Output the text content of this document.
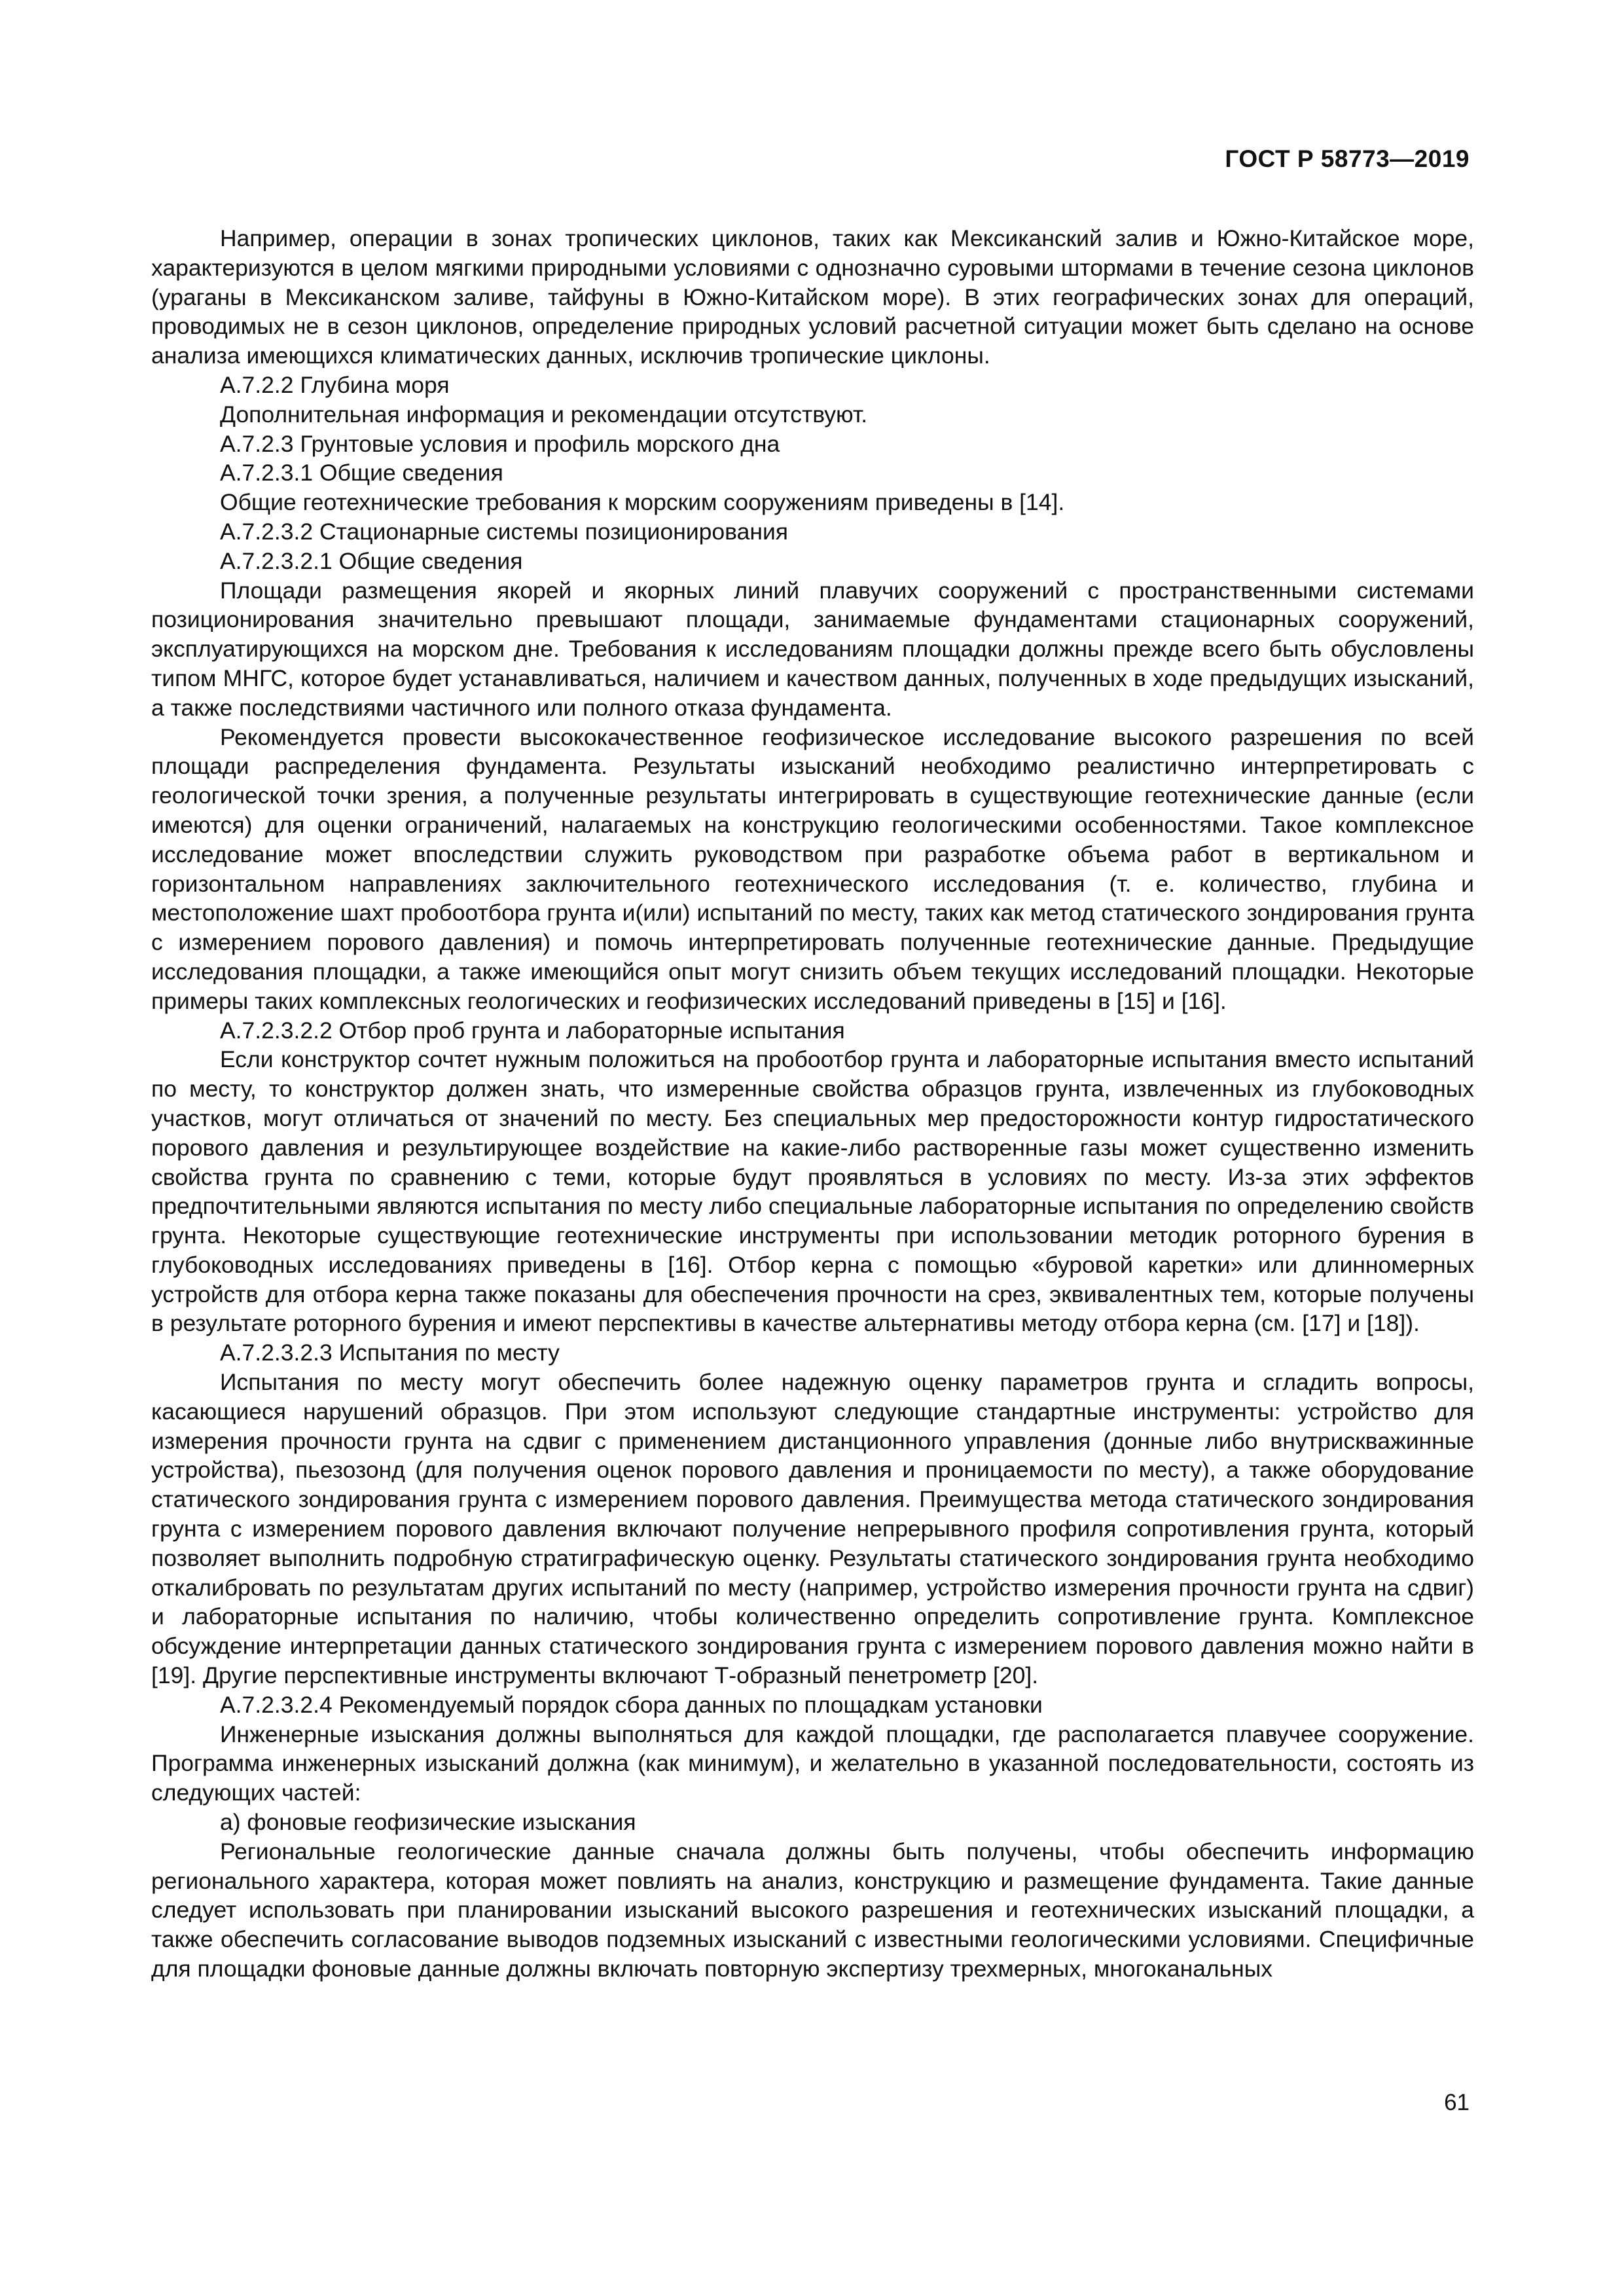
ГОСТ Р 58773—2019

Например, операции в зонах тропических циклонов, таких как Мексиканский залив и Южно-Китайское море, характеризуются в целом мягкими природными условиями с однозначно суровыми штормами в течение сезона циклонов (ураганы в Мексиканском заливе, тайфуны в Южно-Китайском море). В этих географических зонах для операций, проводимых не в сезон циклонов, определение природных условий расчетной ситуации может быть сделано на основе анализа имеющихся климатических данных, исключив тропические циклоны.

А.7.2.2 Глубина моря

Дополнительная информация и рекомендации отсутствуют.

А.7.2.3 Грунтовые условия и профиль морского дна

А.7.2.3.1 Общие сведения

Общие геотехнические требования к морским сооружениям приведены в [14].

А.7.2.3.2 Стационарные системы позиционирования

А.7.2.3.2.1 Общие сведения

Площади размещения якорей и якорных линий плавучих сооружений с пространственными системами позиционирования значительно превышают площади, занимаемые фундаментами стационарных сооружений, эксплуатирующихся на морском дне. Требования к исследованиям площадки должны прежде всего быть обусловлены типом МНГС, которое будет устанавливаться, наличием и качеством данных, полученных в ходе предыдущих изысканий, а также последствиями частичного или полного отказа фундамента.

Рекомендуется провести высококачественное геофизическое исследование высокого разрешения по всей площади распределения фундамента. Результаты изысканий необходимо реалистично интерпретировать с геологической точки зрения, а полученные результаты интегрировать в существующие геотехнические данные (если имеются) для оценки ограничений, налагаемых на конструкцию геологическими особенностями. Такое комплексное исследование может впоследствии служить руководством при разработке объема работ в вертикальном и горизонтальном направлениях заключительного геотехнического исследования (т. е. количество, глубина и местоположение шахт пробоотбора грунта и(или) испытаний по месту, таких как метод статического зондирования грунта с измерением порового давления) и помочь интерпретировать полученные геотехнические данные. Предыдущие исследования площадки, а также имеющийся опыт могут снизить объем текущих исследований площадки. Некоторые примеры таких комплексных геологических и геофизических исследований приведены в [15] и [16].

А.7.2.3.2.2 Отбор проб грунта и лабораторные испытания

Если конструктор сочтет нужным положиться на пробоотбор грунта и лабораторные испытания вместо испытаний по месту, то конструктор должен знать, что измеренные свойства образцов грунта, извлеченных из глубоководных участков, могут отличаться от значений по месту. Без специальных мер предосторожности контур гидростатического порового давления и результирующее воздействие на какие-либо растворенные газы может существенно изменить свойства грунта по сравнению с теми, которые будут проявляться в условиях по месту. Из-за этих эффектов предпочтительными являются испытания по месту либо специальные лабораторные испытания по определению свойств грунта. Некоторые существующие геотехнические инструменты при использовании методик роторного бурения в глубоководных исследованиях приведены в [16]. Отбор керна с помощью «буровой каретки» или длинномерных устройств для отбора керна также показаны для обеспечения прочности на срез, эквивалентных тем, которые получены в результате роторного бурения и имеют перспективы в качестве альтернативы методу отбора керна (см. [17] и [18]).

А.7.2.3.2.3 Испытания по месту

Испытания по месту могут обеспечить более надежную оценку параметров грунта и сгладить вопросы, касающиеся нарушений образцов. При этом используют следующие стандартные инструменты: устройство для измерения прочности грунта на сдвиг с применением дистанционного управления (донные либо внутрискважинные устройства), пьезозонд (для получения оценок порового давления и проницаемости по месту), а также оборудование статического зондирования грунта с измерением порового давления. Преимущества метода статического зондирования грунта с измерением порового давления включают получение непрерывного профиля сопротивления грунта, который позволяет выполнить подробную стратиграфическую оценку. Результаты статического зондирования грунта необходимо откалибровать по результатам других испытаний по месту (например, устройство измерения прочности грунта на сдвиг) и лабораторные испытания по наличию, чтобы количественно определить сопротивление грунта. Комплексное обсуждение интерпретации данных статического зондирования грунта с измерением порового давления можно найти в [19]. Другие перспективные инструменты включают Т-образный пенетрометр [20].

А.7.2.3.2.4 Рекомендуемый порядок сбора данных по площадкам установки

Инженерные изыскания должны выполняться для каждой площадки, где располагается плавучее сооружение. Программа инженерных изысканий должна (как минимум), и желательно в указанной последовательности, состоять из следующих частей:

а) фоновые геофизические изыскания

Региональные геологические данные сначала должны быть получены, чтобы обеспечить информацию регионального характера, которая может повлиять на анализ, конструкцию и размещение фундамента. Такие данные следует использовать при планировании изысканий высокого разрешения и геотехнических изысканий площадки, а также обеспечить согласование выводов подземных изысканий с известными геологическими условиями. Специфичные для площадки фоновые данные должны включать повторную экспертизу трехмерных, многоканальных

61
